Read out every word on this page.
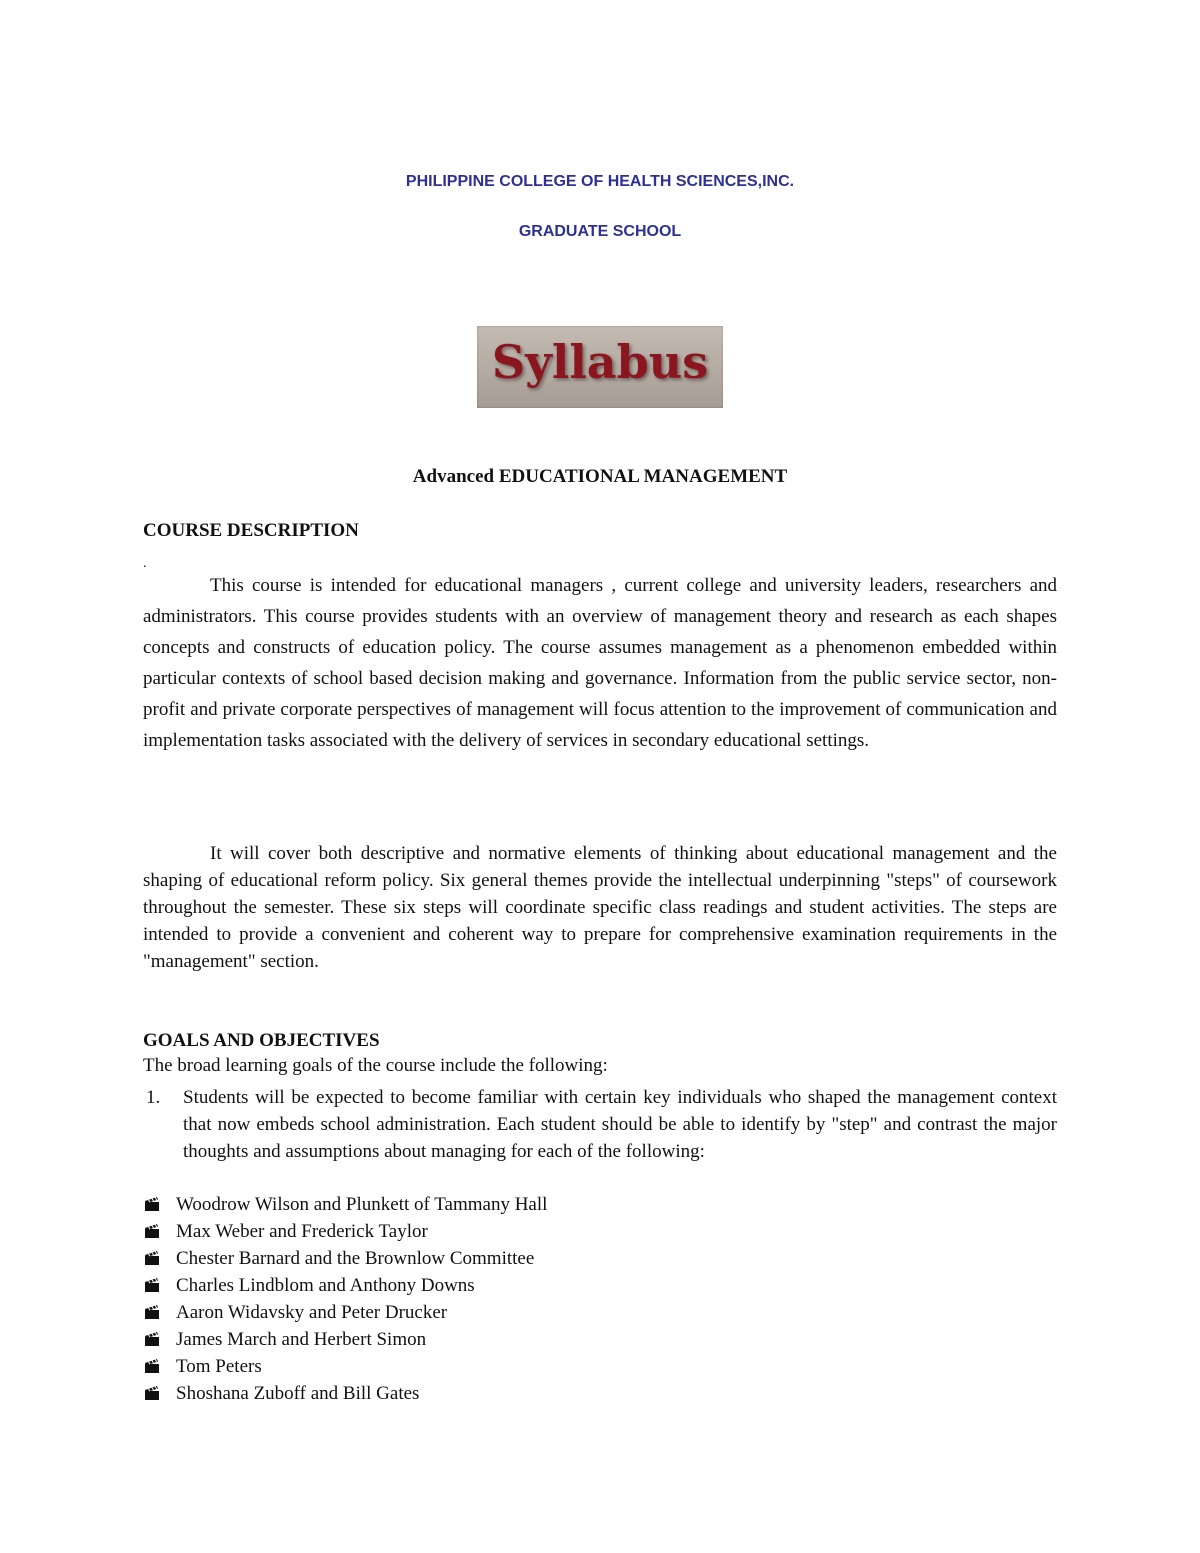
PHILIPPINE COLLEGE OF HEALTH SCIENCES,INC.
GRADUATE SCHOOL
Syllabus
Advanced EDUCATIONAL MANAGEMENT
COURSE DESCRIPTION
.

This course is intended for educational managers , current college and university leaders, researchers and administrators. This course provides students with an overview of management theory and research as each shapes concepts and constructs of education policy. The course assumes management as a phenomenon embedded within particular contexts of school based decision making and governance. Information from the public service sector, non-profit and private corporate perspectives of management will focus attention to the improvement of communication and implementation tasks associated with the delivery of services in secondary educational settings.

It will cover both descriptive and normative elements of thinking about educational management and the shaping of educational reform policy. Six general themes provide the intellectual underpinning "steps" of coursework throughout the semester. These six steps will coordinate specific class readings and student activities. The steps are intended to provide a convenient and coherent way to prepare for comprehensive examination requirements in the "management" section.

GOALS AND OBJECTIVES
The broad learning goals of the course include the following:
1. Students will be expected to become familiar with certain key individuals who shaped the management context that now embeds school administration. Each student should be able to identify by "step" and contrast the major thoughts and assumptions about managing for each of the following:
Woodrow Wilson and Plunkett of Tammany Hall
Max Weber and Frederick Taylor
Chester Barnard and the Brownlow Committee
Charles Lindblom and Anthony Downs
Aaron Widavsky and Peter Drucker
James March and Herbert Simon
Tom Peters
Shoshana Zuboff and Bill Gates
